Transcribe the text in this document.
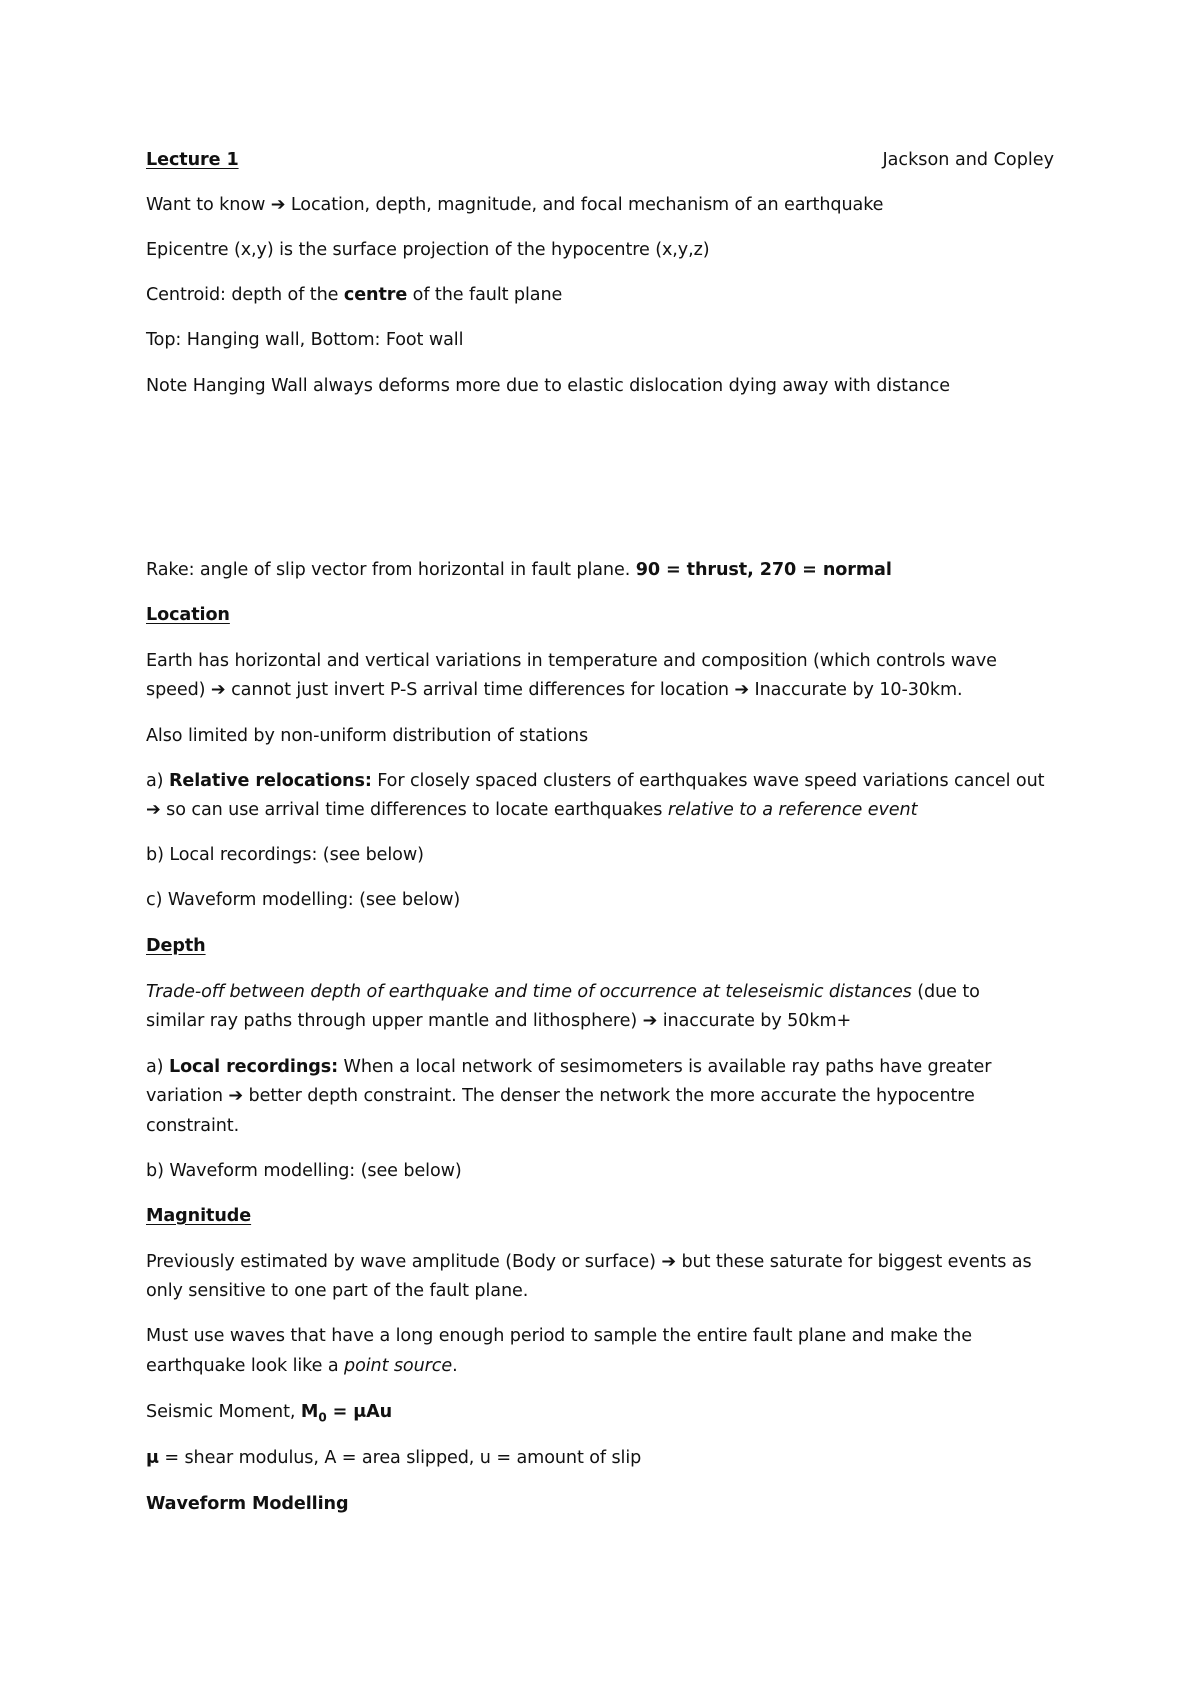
Lecture 1	Jackson and Copley
Want to know ➔ Location, depth, magnitude, and focal mechanism of an earthquake
Epicentre (x,y) is the surface projection of the hypocentre (x,y,z)
Centroid: depth of the centre of the fault plane
Top: Hanging wall, Bottom: Foot wall
Note Hanging Wall always deforms more due to elastic dislocation dying away with distance
Rake: angle of slip vector from horizontal in fault plane. 90 = thrust, 270 = normal
Location
Earth has horizontal and vertical variations in temperature and composition (which controls wave
speed) ➔ cannot just invert P-S arrival time differences for location ➔ Inaccurate by 10-30km.
Also limited by non-uniform distribution of stations
a) Relative relocations: For closely spaced clusters of earthquakes wave speed variations cancel out
➔ so can use arrival time differences to locate earthquakes relative to a reference event
b) Local recordings: (see below)
c) Waveform modelling: (see below)
Depth
Trade-off between depth of earthquake and time of occurrence at teleseismic distances (due to
similar ray paths through upper mantle and lithosphere) ➔ inaccurate by 50km+
a) Local recordings: When a local network of sesimometers is available ray paths have greater
variation ➔ better depth constraint. The denser the network the more accurate the hypocentre
constraint.
b) Waveform modelling: (see below)
Magnitude
Previously estimated by wave amplitude (Body or surface) ➔ but these saturate for biggest events as
only sensitive to one part of the fault plane.
Must use waves that have a long enough period to sample the entire fault plane and make the
earthquake look like a point source.
Seismic Moment, $M_0 = \mu Au$
μ = shear modulus, A = area slipped, u = amount of slip
Waveform Modelling
